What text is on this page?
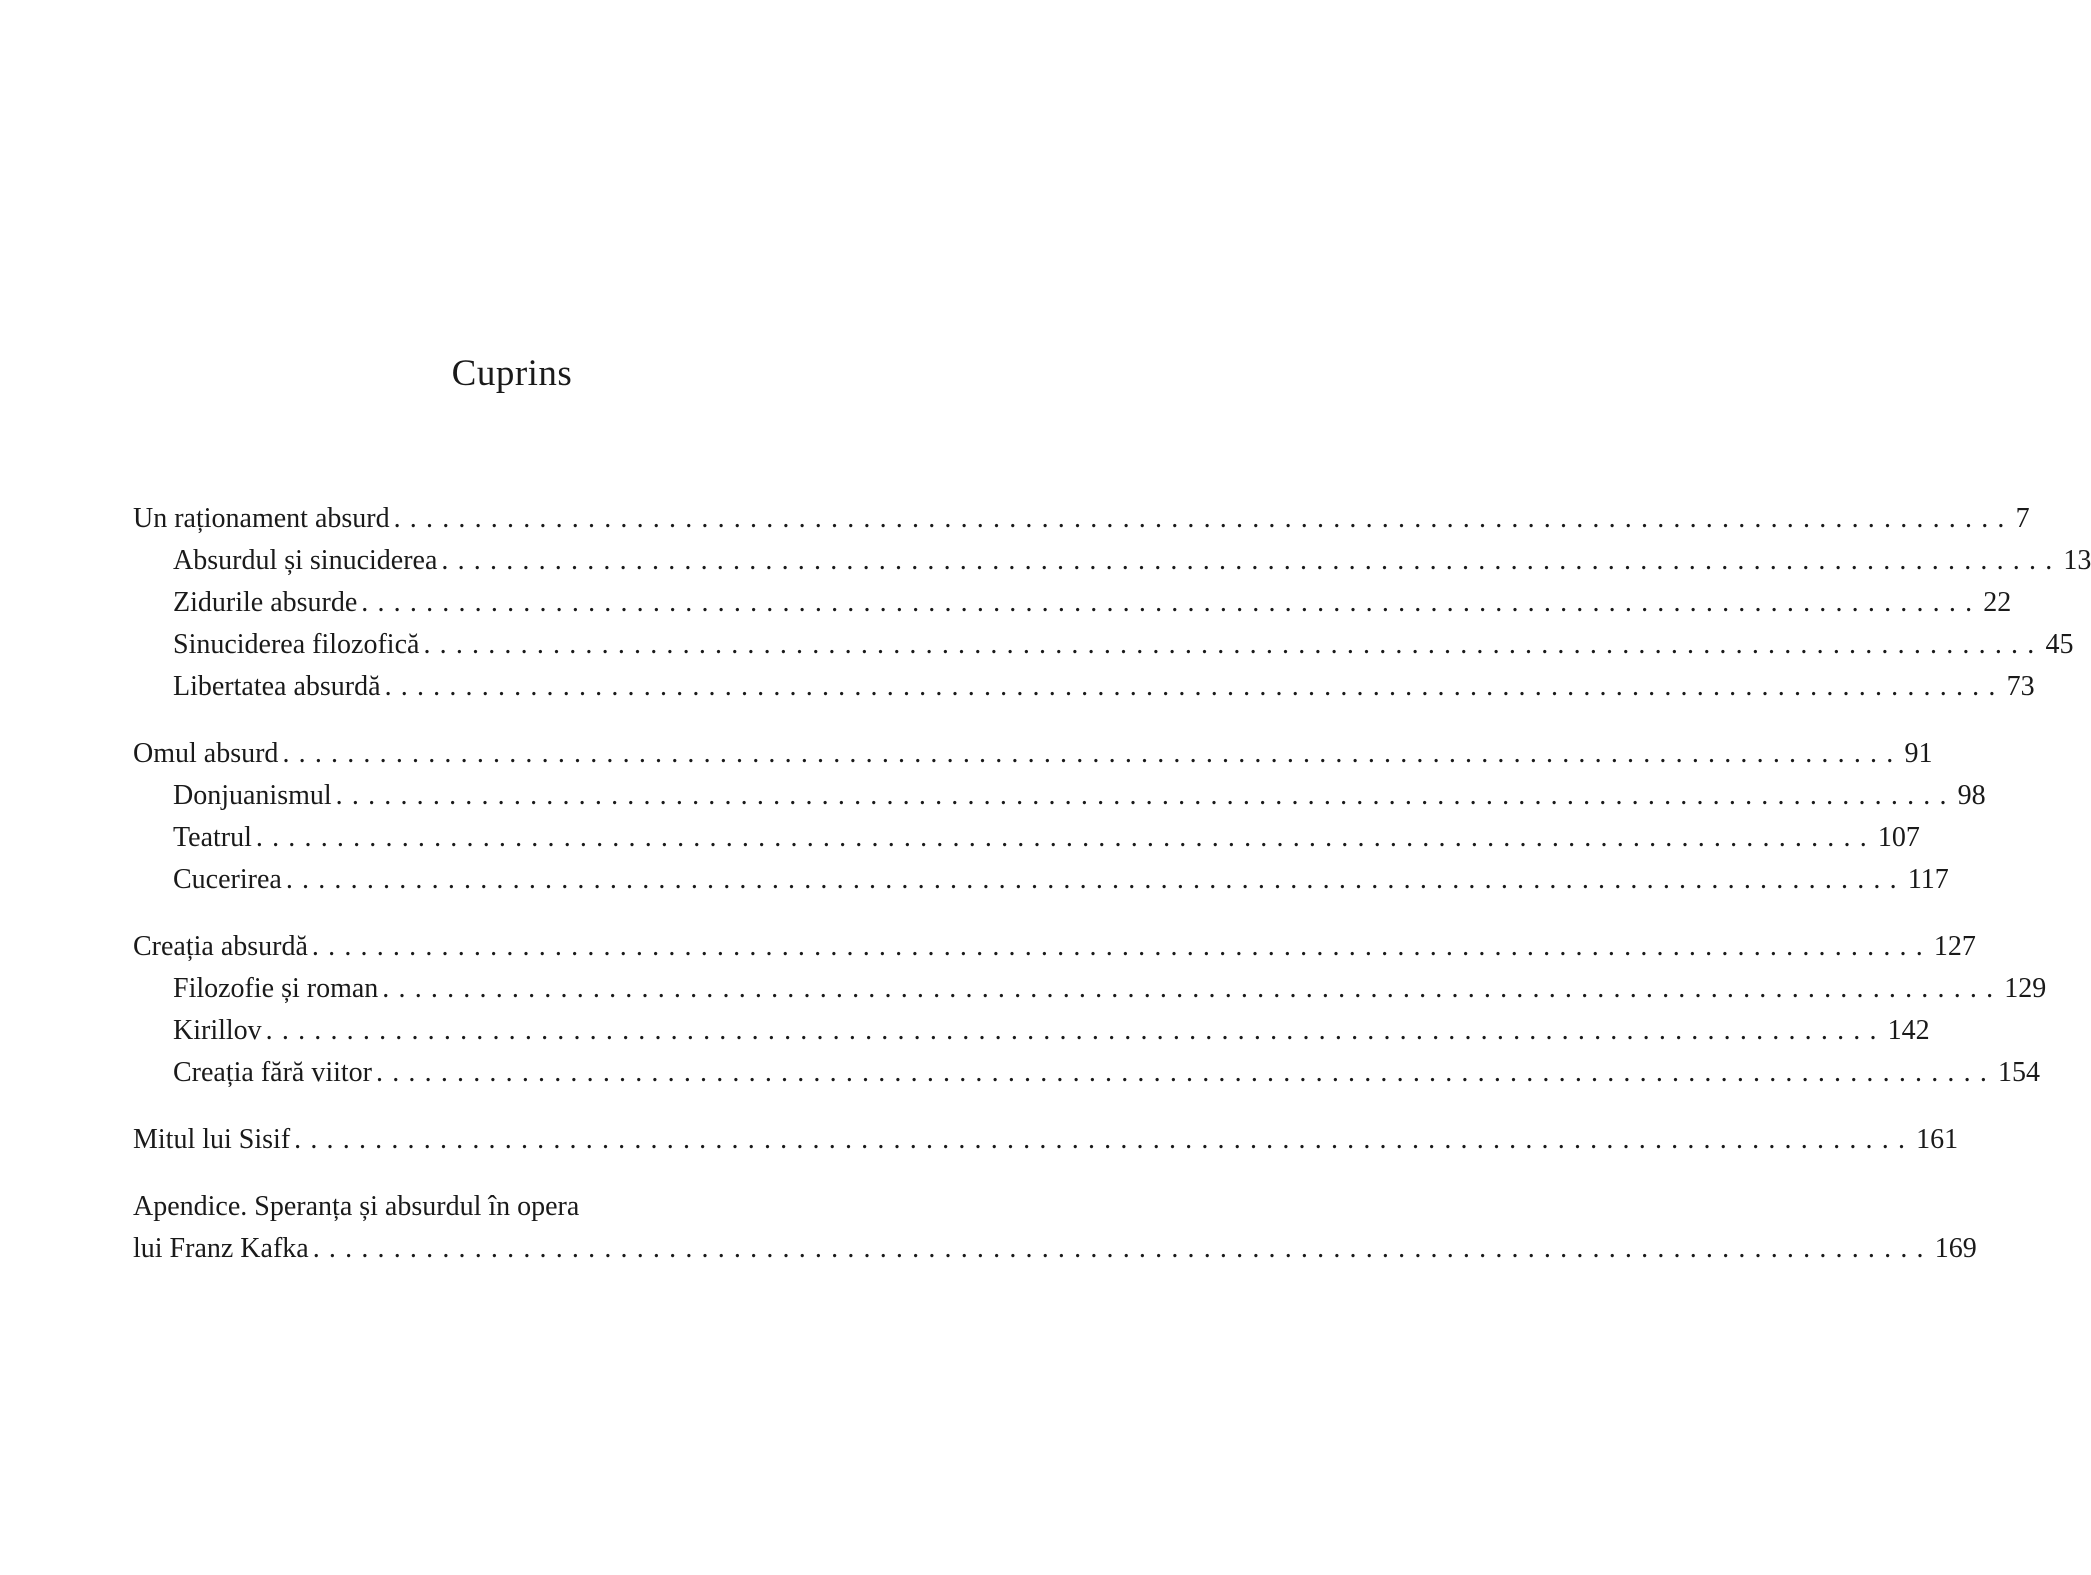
Cuprins
Un raționament absurd .................................................................................................... 7
Absurdul și sinuciderea .................................................................................................... 13
Zidurile absurde .................................................................................................... 22
Sinuciderea filozofică .................................................................................................... 45
Libertatea absurdă .................................................................................................... 73
Omul absurd .................................................................................................... 91
Donjuanismul .................................................................................................... 98
Teatrul .................................................................................................... 107
Cucerirea .................................................................................................... 117
Creația absurdă .................................................................................................... 127
Filozofie și roman .................................................................................................... 129
Kirillov .................................................................................................... 142
Creația fără viitor .................................................................................................... 154
Mitul lui Sisif .................................................................................................... 161
Apendice. Speranța și absurdul în opera
lui Franz Kafka .................................................................................................... 169
